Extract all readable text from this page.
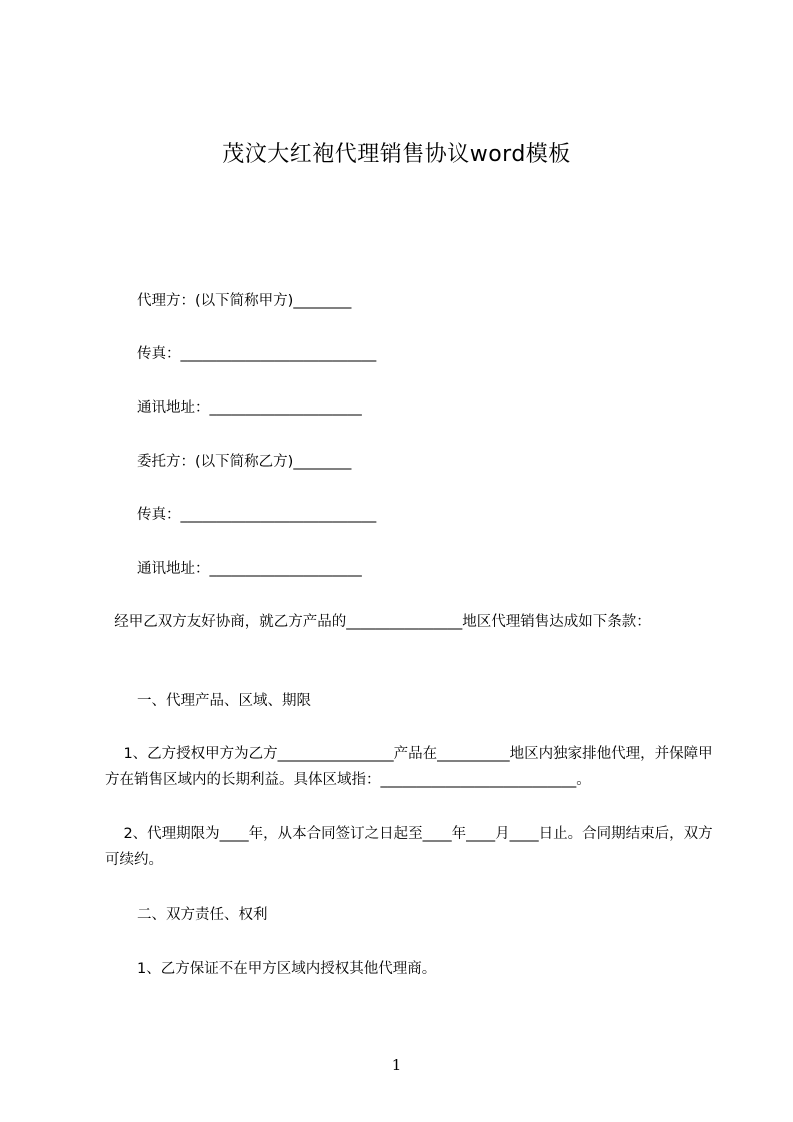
茂汶大红袍代理销售协议word模板

代理方：(以下简称甲方)________

传真：___________________________

通讯地址：_____________________

委托方：(以下简称乙方)________

传真：___________________________

通讯地址：_____________________

经甲乙双方友好协商，就乙方产品的________________地区代理销售达成如下条款：

一、代理产品、区域、期限

1、乙方授权甲方为乙方________________产品在__________地区内独家排他代理，并保障甲方在销售区域内的长期利益。具体区域指：___________________________。

2、代理期限为____年，从本合同签订之日起至____年____月____日止。合同期结束后，双方可续约。

二、双方责任、权利

1、乙方保证不在甲方区域内授权其他代理商。

1
